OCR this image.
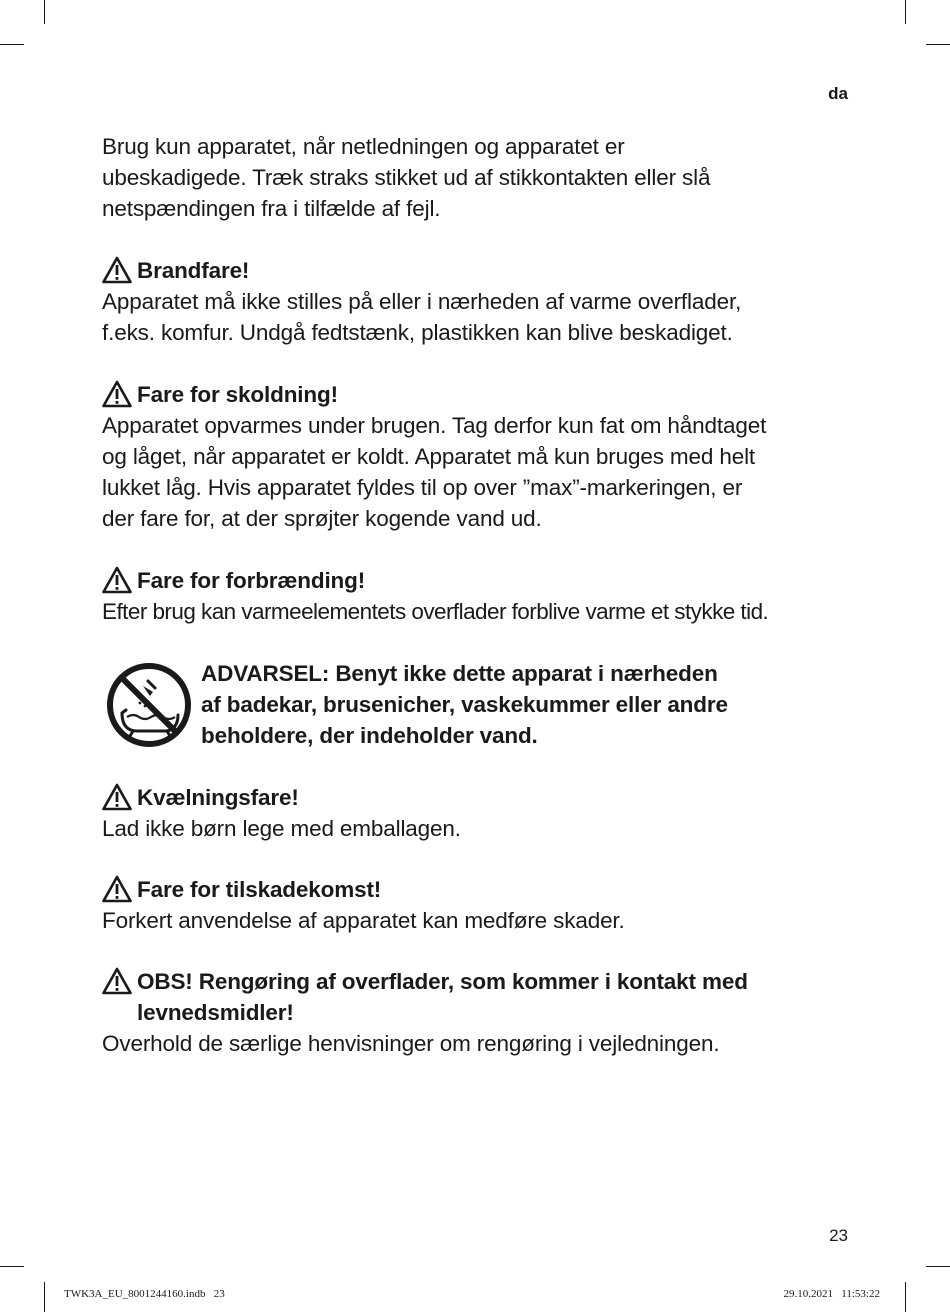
da
Brug kun apparatet, når netledningen og apparatet er
ubeskadigede. Træk straks stikket ud af stikkontakten eller slå
netspændingen fra i tilfælde af fejl.
Brandfare!
Apparatet må ikke stilles på eller i nærheden af varme overflader,
f.eks. komfur. Undgå fedtstænk, plastikken kan blive beskadiget.
Fare for skoldning!
Apparatet opvarmes under brugen. Tag derfor kun fat om håndtaget
og låget, når apparatet er koldt. Apparatet må kun bruges med helt
lukket låg. Hvis apparatet fyldes til op over ”max”-markeringen, er
der fare for, at der sprøjter kogende vand ud.
Fare for forbrænding!
Efter brug kan varmeelementets overflader forblive varme et stykke tid.
ADVARSEL: Benyt ikke dette apparat i nærheden
af badekar, brusenicher, vaskekummer eller andre
beholdere, der indeholder vand.
Kvælningsfare!
Lad ikke børn lege med emballagen.
Fare for tilskadekomst!
Forkert anvendelse af apparatet kan medføre skader.
OBS! Rengøring af overflader, som kommer i kontakt med
levnedsmidler!
Overhold de særlige henvisninger om rengøring i vejledningen.
23
TWK3A_EU_8001244160.indb   23	29.10.2021   11:53:22
